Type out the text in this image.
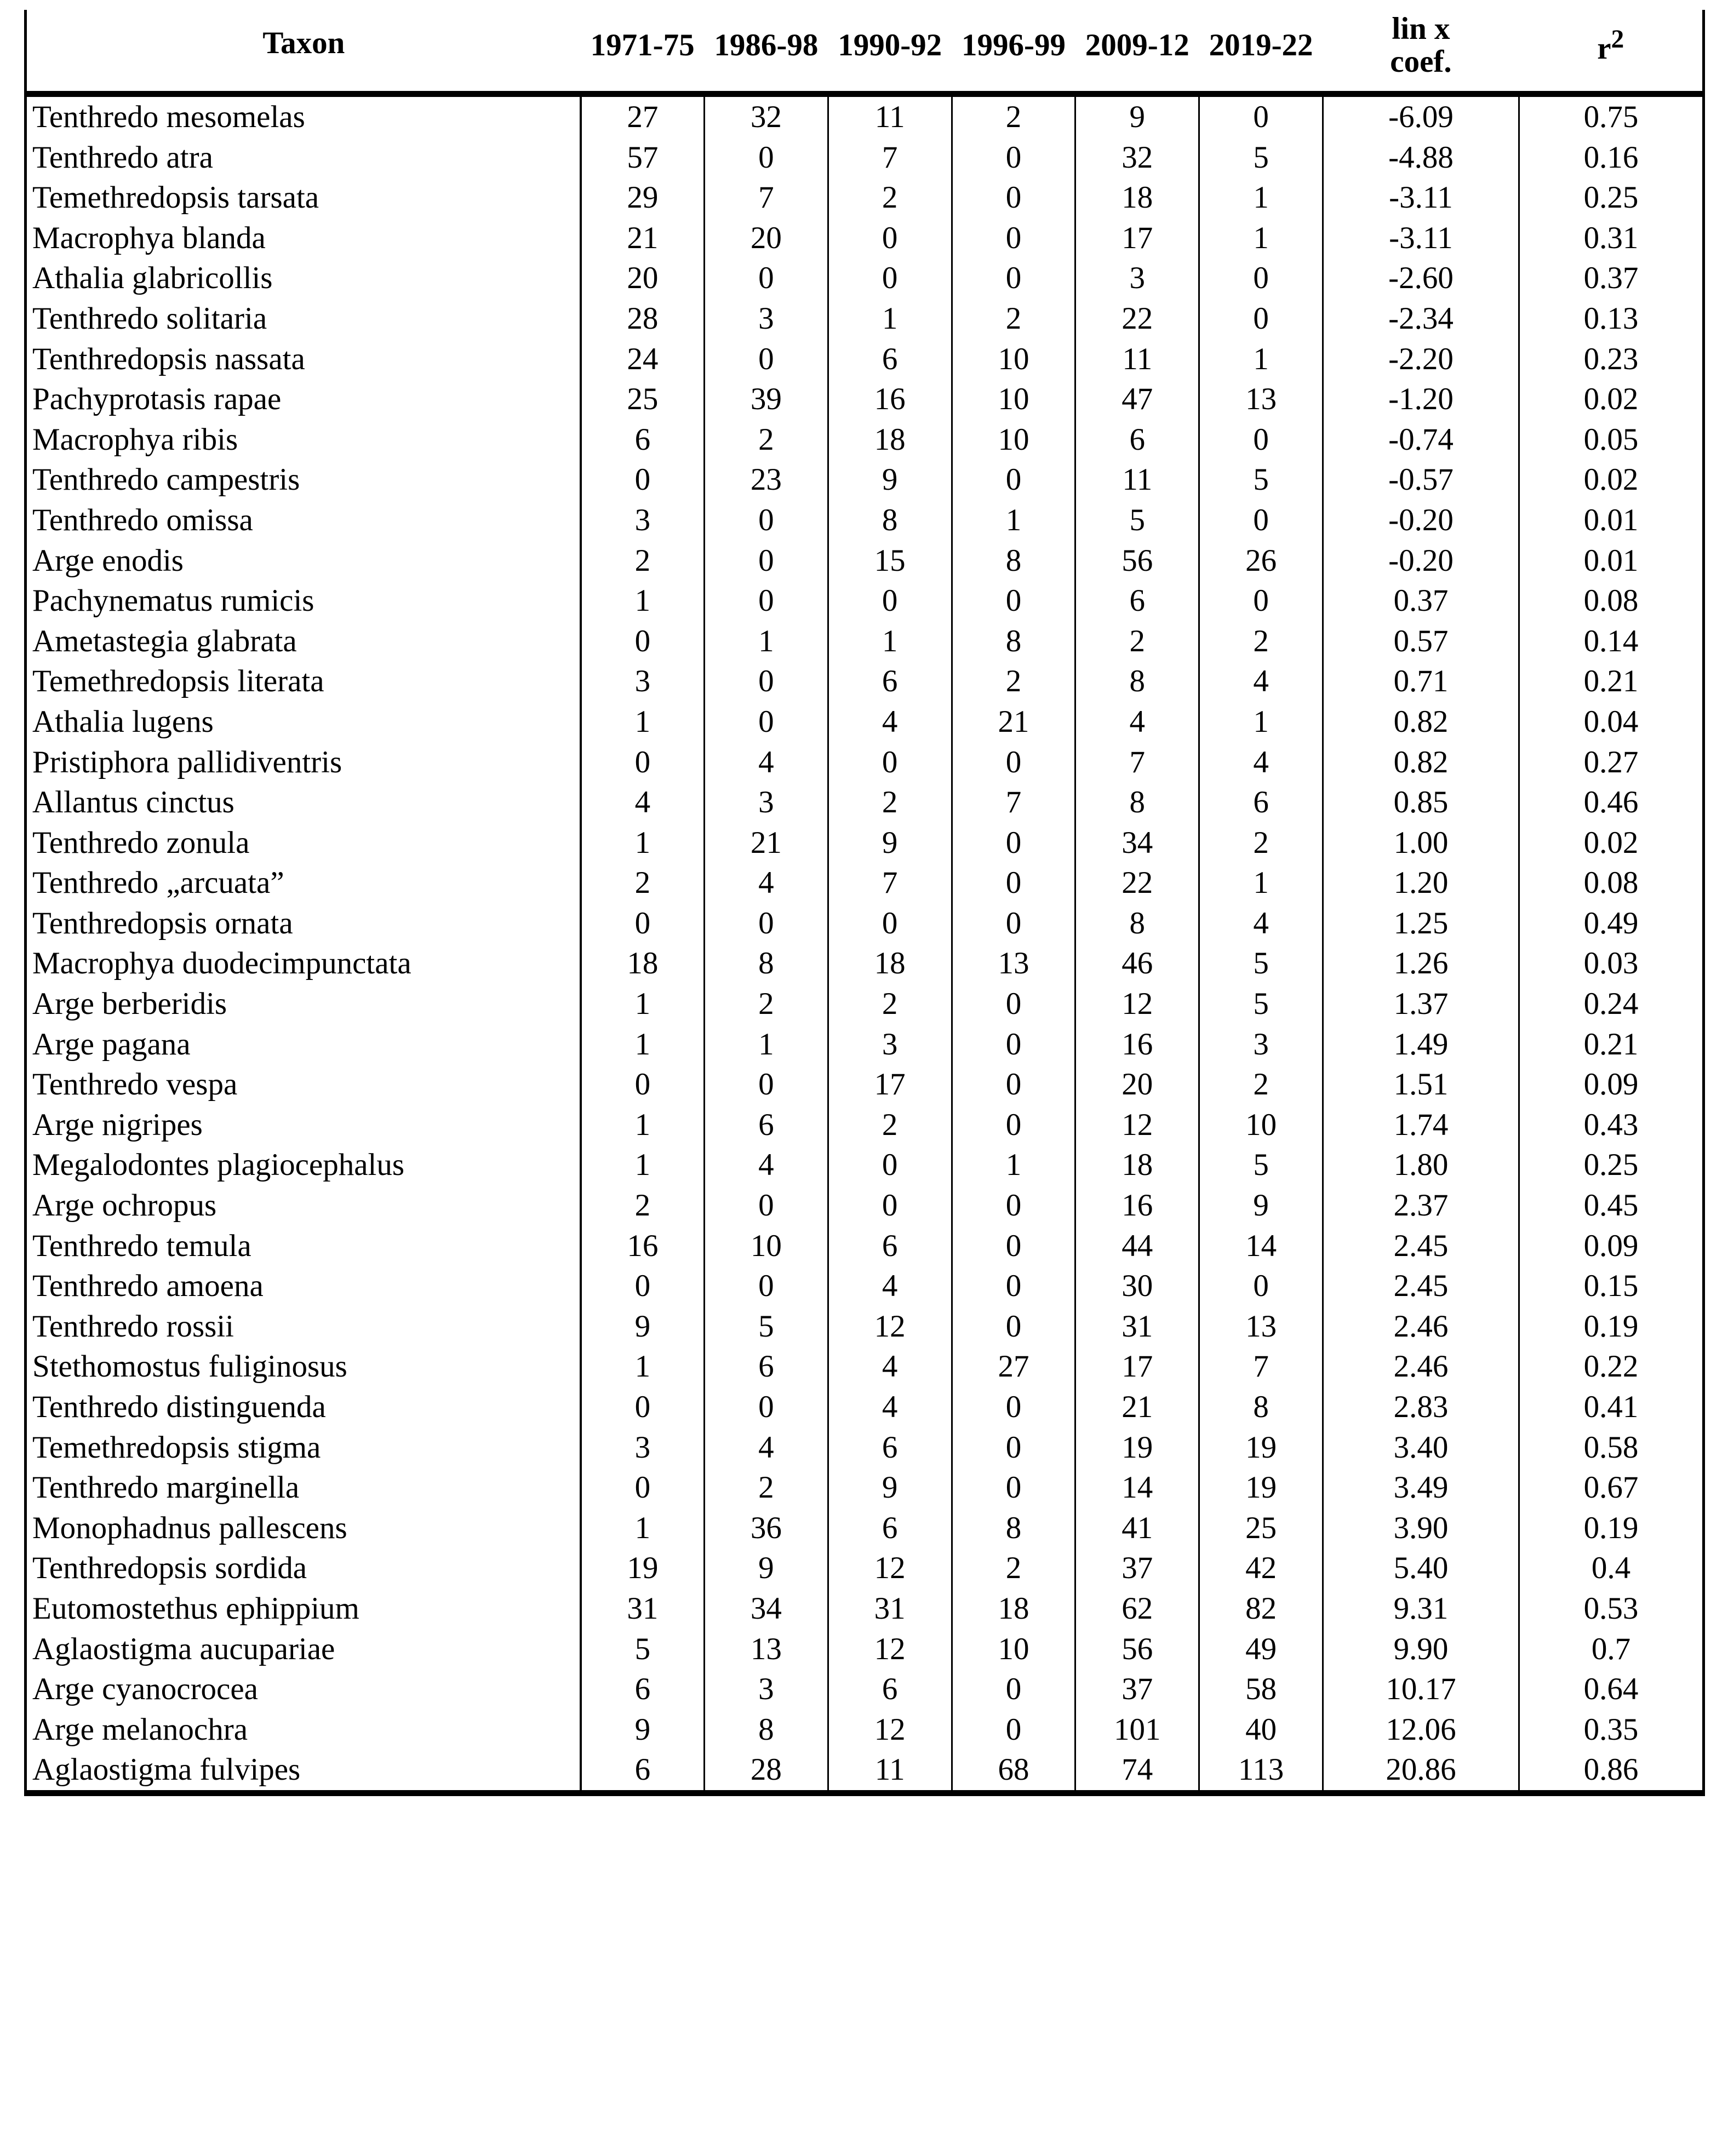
Taxon	1971-75	1986-98	1990-92	1996-99	2009-12	2019-22	lin x
coef.	$r^2$
Tenthredo mesomelas	27	32	11	2	9	0	-6.09	0.75
Tenthredo atra	57	0	7	0	32	5	-4.88	0.16
Temethredopsis tarsata	29	7	2	0	18	1	-3.11	0.25
Macrophya blanda	21	20	0	0	17	1	-3.11	0.31
Athalia glabricollis	20	0	0	0	3	0	-2.60	0.37
Tenthredo solitaria	28	3	1	2	22	0	-2.34	0.13
Tenthredopsis nassata	24	0	6	10	11	1	-2.20	0.23
Pachyprotasis rapae	25	39	16	10	47	13	-1.20	0.02
Macrophya ribis	6	2	18	10	6	0	-0.74	0.05
Tenthredo campestris	0	23	9	0	11	5	-0.57	0.02
Tenthredo omissa	3	0	8	1	5	0	-0.20	0.01
Arge enodis	2	0	15	8	56	26	-0.20	0.01
Pachynematus rumicis	1	0	0	0	6	0	0.37	0.08
Ametastegia glabrata	0	1	1	8	2	2	0.57	0.14
Temethredopsis literata	3	0	6	2	8	4	0.71	0.21
Athalia lugens	1	0	4	21	4	1	0.82	0.04
Pristiphora pallidiventris	0	4	0	0	7	4	0.82	0.27
Allantus cinctus	4	3	2	7	8	6	0.85	0.46
Tenthredo zonula	1	21	9	0	34	2	1.00	0.02
Tenthredo „arcuata”	2	4	7	0	22	1	1.20	0.08
Tenthredopsis ornata	0	0	0	0	8	4	1.25	0.49
Macrophya duodecimpunctata	18	8	18	13	46	5	1.26	0.03
Arge berberidis	1	2	2	0	12	5	1.37	0.24
Arge pagana	1	1	3	0	16	3	1.49	0.21
Tenthredo vespa	0	0	17	0	20	2	1.51	0.09
Arge nigripes	1	6	2	0	12	10	1.74	0.43
Megalodontes plagiocephalus	1	4	0	1	18	5	1.80	0.25
Arge ochropus	2	0	0	0	16	9	2.37	0.45
Tenthredo temula	16	10	6	0	44	14	2.45	0.09
Tenthredo amoena	0	0	4	0	30	0	2.45	0.15
Tenthredo rossii	9	5	12	0	31	13	2.46	0.19
Stethomostus fuliginosus	1	6	4	27	17	7	2.46	0.22
Tenthredo distinguenda	0	0	4	0	21	8	2.83	0.41
Temethredopsis stigma	3	4	6	0	19	19	3.40	0.58
Tenthredo marginella	0	2	9	0	14	19	3.49	0.67
Monophadnus pallescens	1	36	6	8	41	25	3.90	0.19
Tenthredopsis sordida	19	9	12	2	37	42	5.40	0.4
Eutomostethus ephippium	31	34	31	18	62	82	9.31	0.53
Aglaostigma aucupariae	5	13	12	10	56	49	9.90	0.7
Arge cyanocrocea	6	3	6	0	37	58	10.17	0.64
Arge melanochra	9	8	12	0	101	40	12.06	0.35
Aglaostigma fulvipes	6	28	11	68	74	113	20.86	0.86
